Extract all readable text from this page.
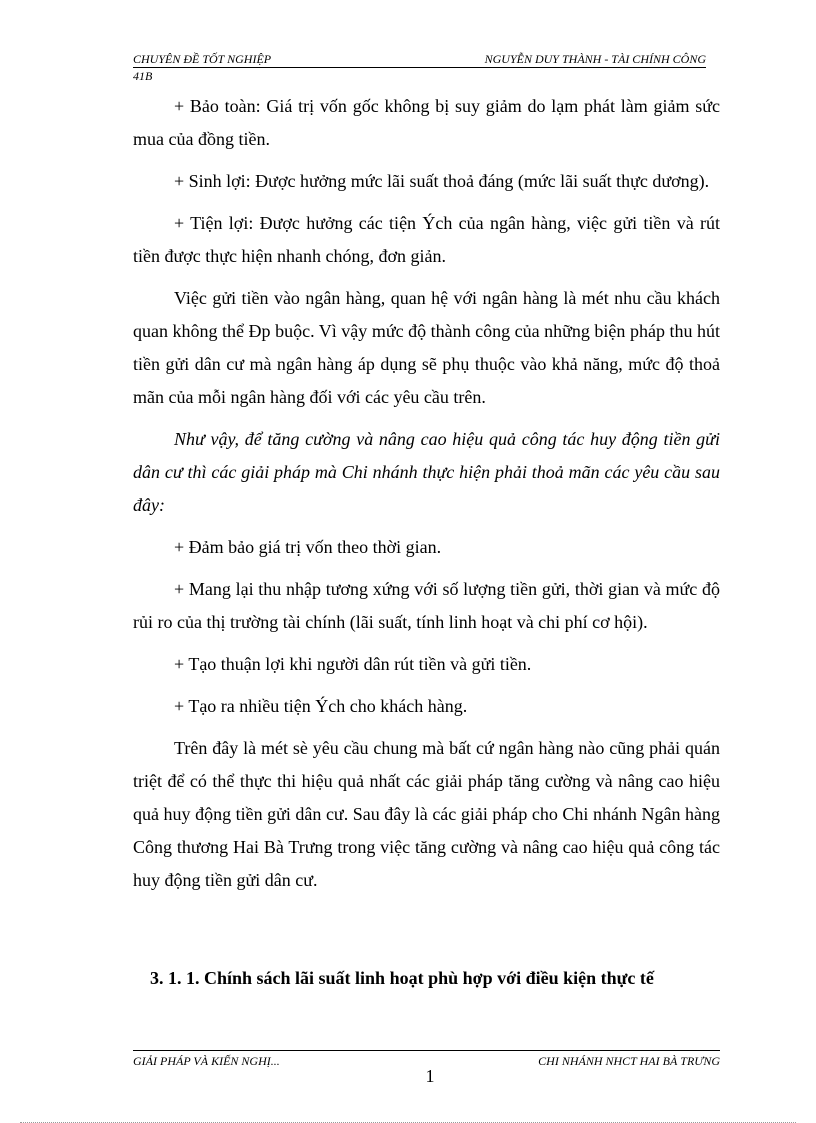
CHUYÊN ĐỀ TỐT NGHIỆP	NGUYỄN DUY THÀNH - TÀI CHÍNH CÔNG
41B

+ Bảo toàn: Giá trị vốn gốc không bị suy giảm do lạm phát làm giảm sức mua của đồng tiền.

+ Sinh lợi: Được hưởng mức lãi suất thoả đáng (mức lãi suất thực dương).

+ Tiện lợi: Được hưởng các tiện Ých của ngân hàng, việc gửi tiền và rút tiền được thực hiện nhanh chóng, đơn giản.

Việc gửi tiền vào ngân hàng, quan hệ với ngân hàng là mét nhu cầu khách quan không thể Ðp buộc. Vì vậy mức độ thành công của những biện pháp thu hút tiền gửi dân cư mà ngân hàng áp dụng sẽ phụ thuộc vào khả năng, mức độ thoả mãn của mỗi ngân hàng đối với các yêu cầu trên.

Như vậy, để tăng cường và nâng cao hiệu quả công tác huy động tiền gửi dân cư thì các giải pháp mà Chi nhánh thực hiện phải thoả mãn các yêu cầu sau đây:

+ Đảm bảo giá trị vốn theo thời gian.

+ Mang lại thu nhập tương xứng với số lượng tiền gửi, thời gian và mức độ rủi ro của thị trường tài chính (lãi suất, tính linh hoạt và chi phí cơ hội).

+ Tạo thuận lợi khi người dân rút tiền và gửi tiền.

+ Tạo ra nhiều tiện Ých cho khách hàng.

Trên đây là mét sè yêu cầu chung mà bất cứ ngân hàng nào cũng phải quán triệt để có thể thực thi hiệu quả nhất các giải pháp tăng cường và nâng cao hiệu quả huy động tiền gửi dân cư. Sau đây là các giải pháp cho Chi nhánh Ngân hàng Công thương Hai Bà Trưng trong việc tăng cường và nâng cao hiệu quả công tác huy động tiền gửi dân cư.

3. 1. 1. Chính sách lãi suất linh hoạt phù hợp với điều kiện thực tế
GIẢI PHÁP VÀ KIẾN NGHỊ...	CHI NHÁNH NHCT HAI BÀ TRƯNG
1
